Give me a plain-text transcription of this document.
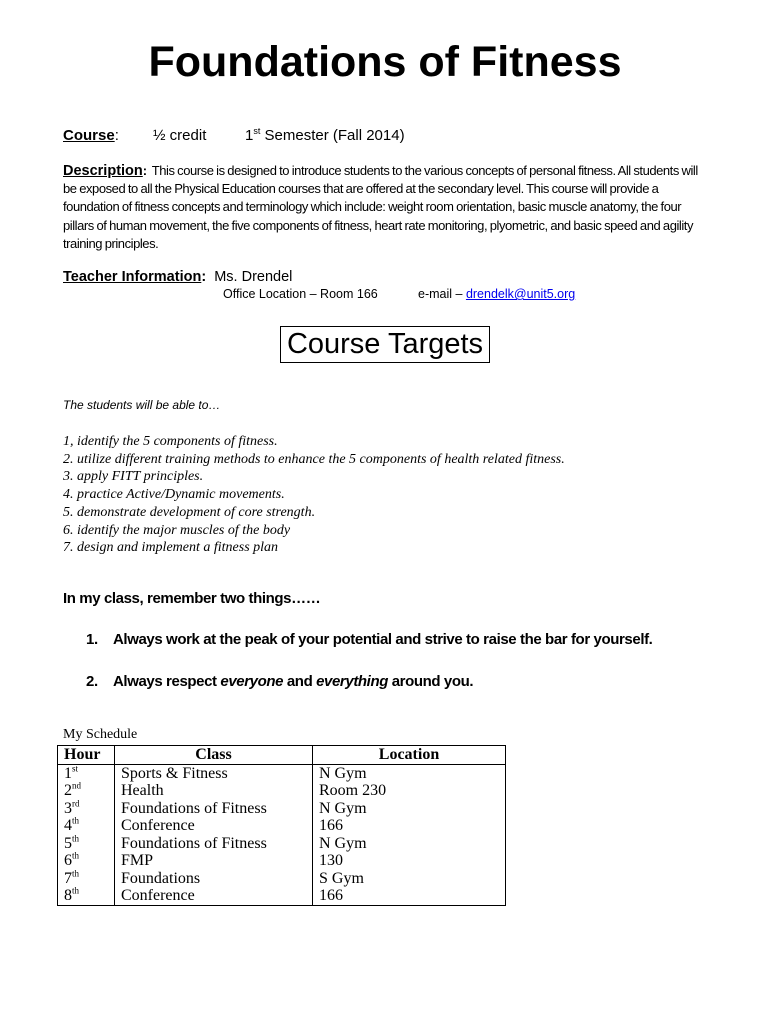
Foundations of Fitness
Course: ½ credit	1st Semester (Fall 2014)

Description: This course is designed to introduce students to the various concepts of personal fitness. All students will be exposed to all the Physical Education courses that are offered at the secondary level. This course will provide a foundation of fitness concepts and terminology which include: weight room orientation, basic muscle anatomy, the four pillars of human movement, the five components of fitness, heart rate monitoring, plyometric, and basic speed and agility training principles.

Teacher Information: Ms. Drendel
Office Location – Room 166	e-mail – drendelk@unit5.org
Course Targets

The students will be able to…

1, identify the 5 components of fitness.
2. utilize different training methods to enhance the 5 components of health related fitness.
3. apply FITT principles.
4. practice Active/Dynamic movements.
5. demonstrate development of core strength.
6. identify the major muscles of the body
7. design and implement a fitness plan

In my class, remember two things……

1. Always work at the peak of your potential and strive to raise the bar for yourself.
2. Always respect everyone and everything around you.
My Schedule
Hour	Class	Location
1st	Sports & Fitness	N Gym
2nd	Health	Room 230
3rd	Foundations of Fitness	N Gym
4th	Conference	166
5th	Foundations of Fitness	N Gym
6th	FMP	130
7th	Foundations	S Gym
8th	Conference	166
